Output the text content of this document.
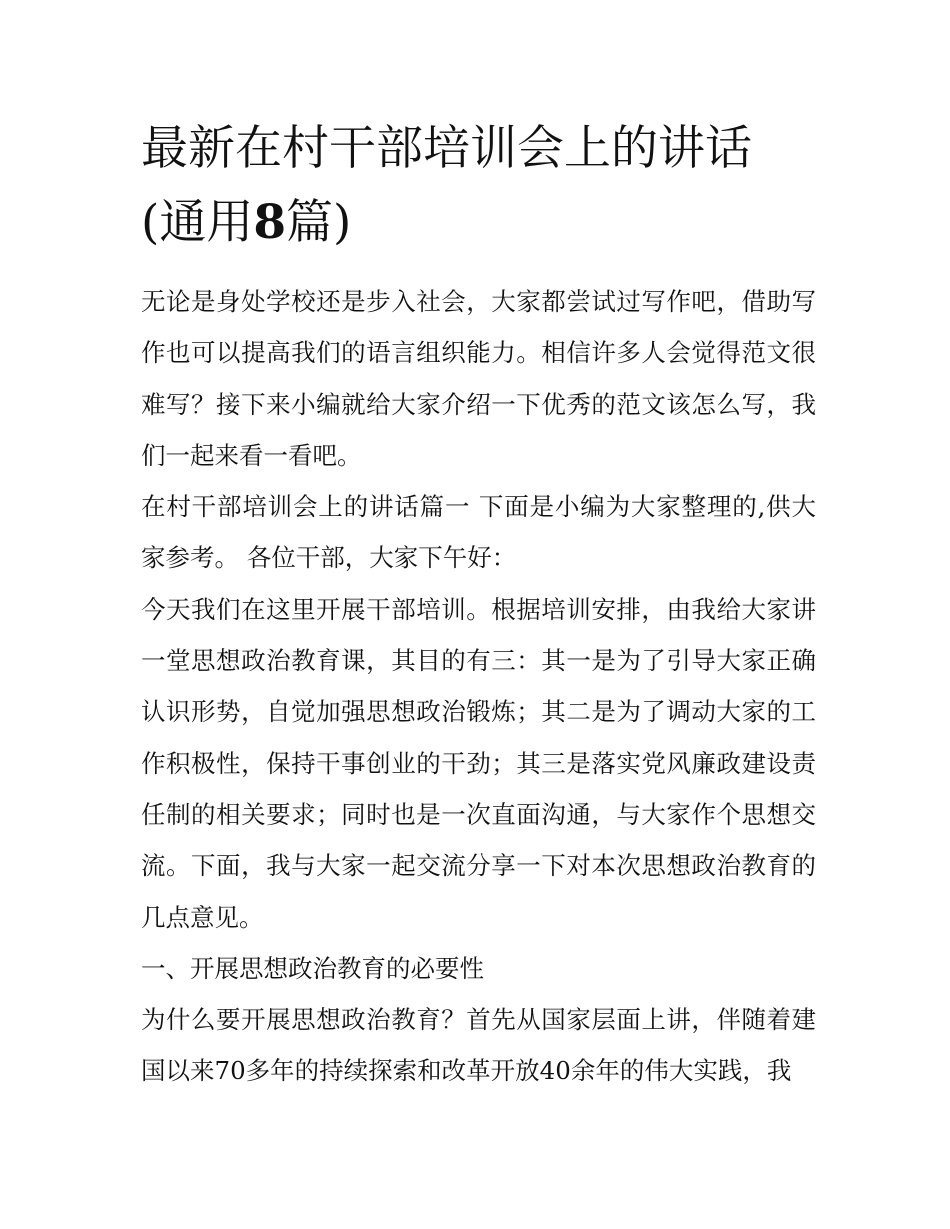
最新在村干部培训会上的讲话(通用8篇)

无论是身处学校还是步入社会，大家都尝试过写作吧，借助写作也可以提高我们的语言组织能力。相信许多人会觉得范文很难写？接下来小编就给大家介绍一下优秀的范文该怎么写，我们一起来看一看吧。

在村干部培训会上的讲话篇一 下面是小编为大家整理的,供大家参考。 各位干部，大家下午好：

今天我们在这里开展干部培训。根据培训安排，由我给大家讲一堂思想政治教育课，其目的有三：其一是为了引导大家正确认识形势，自觉加强思想政治锻炼；其二是为了调动大家的工作积极性，保持干事创业的干劲；其三是落实党风廉政建设责任制的相关要求；同时也是一次直面沟通，与大家作个思想交流。下面，我与大家一起交流分享一下对本次思想政治教育的几点意见。

一、开展思想政治教育的必要性

为什么要开展思想政治教育？首先从国家层面上讲，伴随着建国以来70多年的持续探索和改革开放40余年的伟大实践，我
